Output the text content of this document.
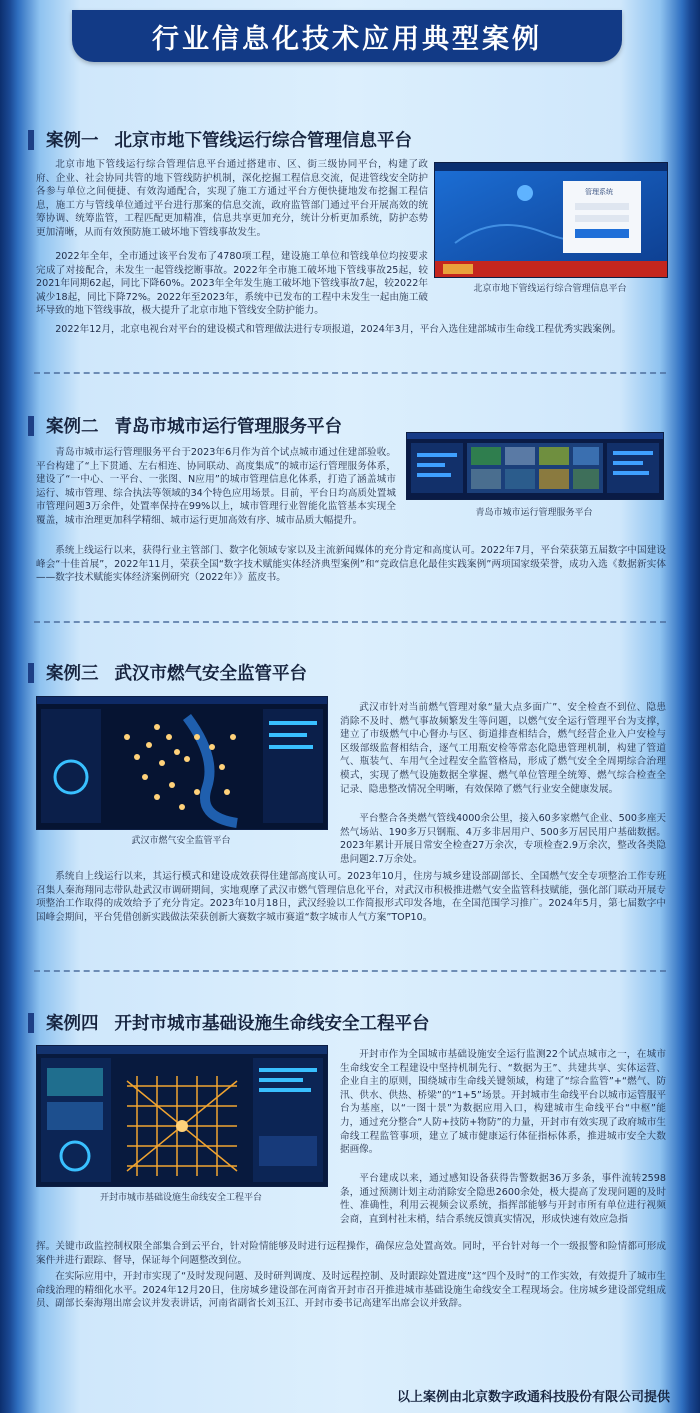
行业信息化技术应用典型案例
案例一 北京市地下管线运行综合管理信息平台

北京市地下管线运行综合管理信息平台通过搭建市、区、街三级协同平台，构建了政府、企业、社会协同共管的地下管线防护机制，深化挖掘工程信息交流，促进管线安全防护各参与单位之间便捷、有效沟通配合，实现了施工方通过平台方便快捷地发布挖掘工程信息，施工方与管线单位通过平台进行那案的信息交流，政府监管部门通过平台开展高效的统筹协调、统筹监管，工程匹配更加精准，信息共享更加充分，统计分析更加系统，防护态势更加清晰，从而有效预防施工破坏地下管线事故发生。

管理系统
北京市地下管线运行综合管理信息平台

2022年全年，全市通过该平台发布了4780项工程，建设施工单位和管线单位均按要求完成了对接配合，未发生一起管线挖断事故。2022年全市施工破坏地下管线事故25起，较2021年同期62起，同比下降60%。2023年全年发生施工破坏地下管线事故7起，较2022年减少18起，同比下降72%。2022年至2023年，系统中已发布的工程中未发生一起由施工破坏导致的地下管线事故，极大提升了北京市地下管线安全防护能力。

2022年12月，北京电视台对平台的建设模式和管理做法进行专项报道，2024年3月，平台入选住建部城市生命线工程优秀实践案例。

案例二 青岛市城市运行管理服务平台

青岛市城市运行管理服务平台于2023年6月作为首个试点城市通过住建部验收。平台构建了“上下贯通、左右相连、协同联动、高度集成”的城市运行管理服务体系，建设了“一中心、一平台、一张图、N应用”的城市管理信息化体系，打造了涵盖城市运行、城市管理、综合执法等领域的34个特色应用场景。目前，平台日均高质处置城市管理问题3万余件，处置率保持在99%以上，城市管理行业智能化监管基本实现全覆盖，城市治理更加科学精细、城市运行更加高效有序、城市品质大幅提升。

青岛市城市运行管理服务平台

系统上线运行以来，获得行业主管部门、数字化领域专家以及主流新闻媒体的充分肯定和高度认可。2022年7月，平台荣获第五届数字中国建设峰会“十佳首展”，2022年11月，荣获全国“数字技术赋能实体经济典型案例”和“竞政信息化最佳实践案例”两项国家级荣誉，成功入选《数据新实体——数字技术赋能实体经济案例研究（2022年）》蓝皮书。

案例三 武汉市燃气安全监管平台
武汉市燃气安全监管平台

武汉市针对当前燃气管理对象“量大点多面广”、安全检查不到位、隐患消除不及时、燃气事故频繁发生等问题，以燃气安全运行管理平台为支撑，建立了市级燃气中心督办与区、街道排查相结合，燃气经营企业入户安检与区级部级监督相结合，逐气工用瓶安检等常态化隐患管理机制，构建了管道气、瓶装气、车用气全过程安全监管格局，形成了燃气安全全周期综合治理模式，实现了燃气设施数据全掌握、燃气单位管理全统筹、燃气综合检查全记录、隐患整改情况全明晰，有效保障了燃气行业安全健康发展。

平台整合各类燃气管线4000余公里，接入60多家燃气企业、500多座天然气场站、190多万只钢瓶、4万多非居用户、500多万居民用户基础数据。2023年累计开展日常安全检查27万余次，专项检查2.9万余次，整改各类隐患问题2.7万余处。

系统自上线运行以来，其运行模式和建设成效获得住建部高度认可。2023年10月，住房与城乡建设部副部长、全国燃气安全专项整治工作专班召集人秦海翔同志带队赴武汉市调研期间，实地观摩了武汉市燃气管理信息化平台，对武汉市积极推进燃气安全监管科技赋能，强化部门联动开展专项整治工作取得的成效给予了充分肯定。2023年10月18日，武汉经验以工作简报形式印发各地，在全国范围学习推广。2024年5月，第七届数字中国峰会期间，平台凭借创新实践做法荣获创新大赛数字城市赛道“数字城市人气方案”TOP10。

案例四 开封市城市基础设施生命线安全工程平台
开封市城市基础设施生命线安全工程平台

开封市作为全国城市基础设施安全运行监测22个试点城市之一，在城市生命线安全工程建设中坚持机制先行、“数据为王”、共建共享、实体运营、企业自主的原则，围绕城市生命线关键领域，构建了“综合监管”+“燃气、防汛、供水、供热、桥梁”的“1+5”场景。开封城市生命线平台以城市运管服平台为基座，以“一图十景”为数据应用入口，构建城市生命线平台“中枢”能力，通过充分整合“人防+技防+物防”的力量，开封市有效实现了政府城市生命线工程监管事项，建立了城市健康运行体征指标体系，推进城市安全大数据画像。

平台建成以来，通过感知设备获得告警数据36万多条，事件流转2598条，通过预测计划主动消除安全隐患2600余处，极大提高了发现问题的及时性、准确性，利用云视频会议系统，指挥部能够与开封市所有单位进行视频会商，直到村社末梢，结合系统反馈真实情况，形成快速有效应急指

挥。关键市政监控制权限全部集合到云平台，针对险情能够及时进行远程操作，确保应急处置高效。同时，平台针对每一个一级报警和险情都可形成案件并进行跟踪、督导，保证每个问题整改到位。

在实际应用中，开封市实现了“及时发现问题、及时研判调度、及时远程控制、及时跟踪处置进度”这“四个及时”的工作实效，有效提升了城市生命线治理的精细化水平。2024年12月20日，住房城乡建设部在河南省开封市召开推进城市基础设施生命线安全工程现场会。住房城乡建设部党组成员、副部长秦海翔出席会议并发表讲话，河南省副省长刘玉江、开封市委书记高建军出席会议并致辞。

以上案例由北京数字政通科技股份有限公司提供
